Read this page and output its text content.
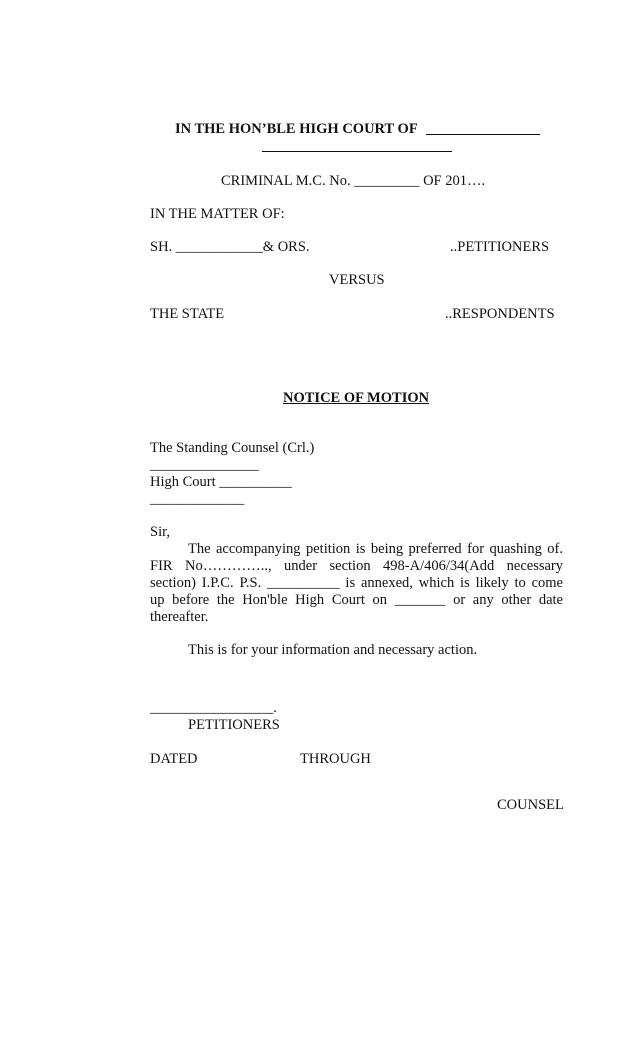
IN THE HON’BLE HIGH COURT OF
CRIMINAL M.C. No. _________ OF 201….
IN THE MATTER OF:
SH. ____________& ORS.	..PETITIONERS
VERSUS
THE STATE	..RESPONDENTS
NOTICE OF MOTION
The Standing Counsel (Crl.)
_______________
High Court __________
_____________
Sir,
The accompanying petition is being preferred for quashing of.
FIR No………….., under section 498-A/406/34(Add necessary
section) I.P.C. P.S. __________ is annexed, which is likely to come
up before the Hon'ble High Court on _______ or any other date
thereafter.
This is for your information and necessary action.
_________________.
PETITIONERS
DATED	THROUGH
COUNSEL
